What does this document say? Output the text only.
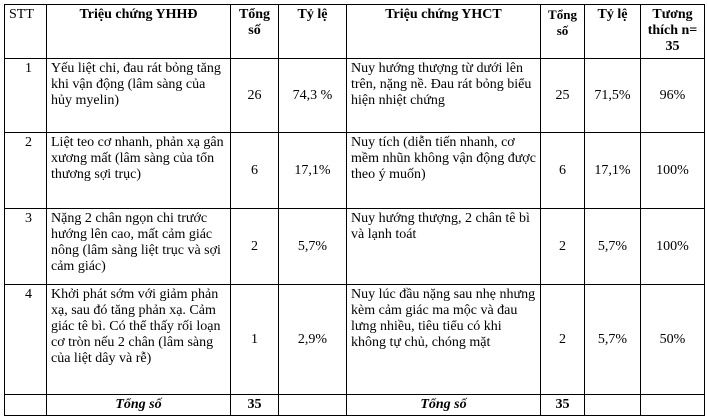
STT	Triệu chứng YHHĐ	Tổng số	Tỷ lệ	Triệu chứng YHCT	Tổng số	Tỷ lệ	Tương thích n= 35
1	Yếu liệt chi, đau rát bỏng tăng khi vận động (lâm sàng của hủy myelin)	26	74,3 %	Nuy hướng thượng từ dưới lên trên, nặng nề. Đau rát bỏng biểu hiện nhiệt chứng	25	71,5%	96%
2	Liệt teo cơ nhanh, phản xạ gân xương mất (lâm sàng của tổn thương sợi trục)	6	17,1%	Nuy tích (diễn tiến nhanh, cơ mềm nhũn không vận động được theo ý muốn)	6	17,1%	100%
3	Nặng 2 chân ngọn chi trước hướng lên cao, mất cảm giác nông (lâm sàng liệt trục và sợi cảm giác)	2	5,7%	Nuy hướng thượng, 2 chân tê bì và lạnh toát	2	5,7%	100%
4	Khởi phát sớm với giảm phản xạ, sau đó tăng phản xạ. Cảm giác tê bì. Có thể thấy rối loạn cơ tròn nếu 2 chân (lâm sàng của liệt dây và rễ)	1	2,9%	Nuy lúc đầu nặng sau nhẹ nhưng kèm cảm giác ma mộc và đau lưng nhiều, tiêu tiểu có khi không tự chủ, chóng mặt	2	5,7%	50%
	Tổng số	35		Tổng số	35		
